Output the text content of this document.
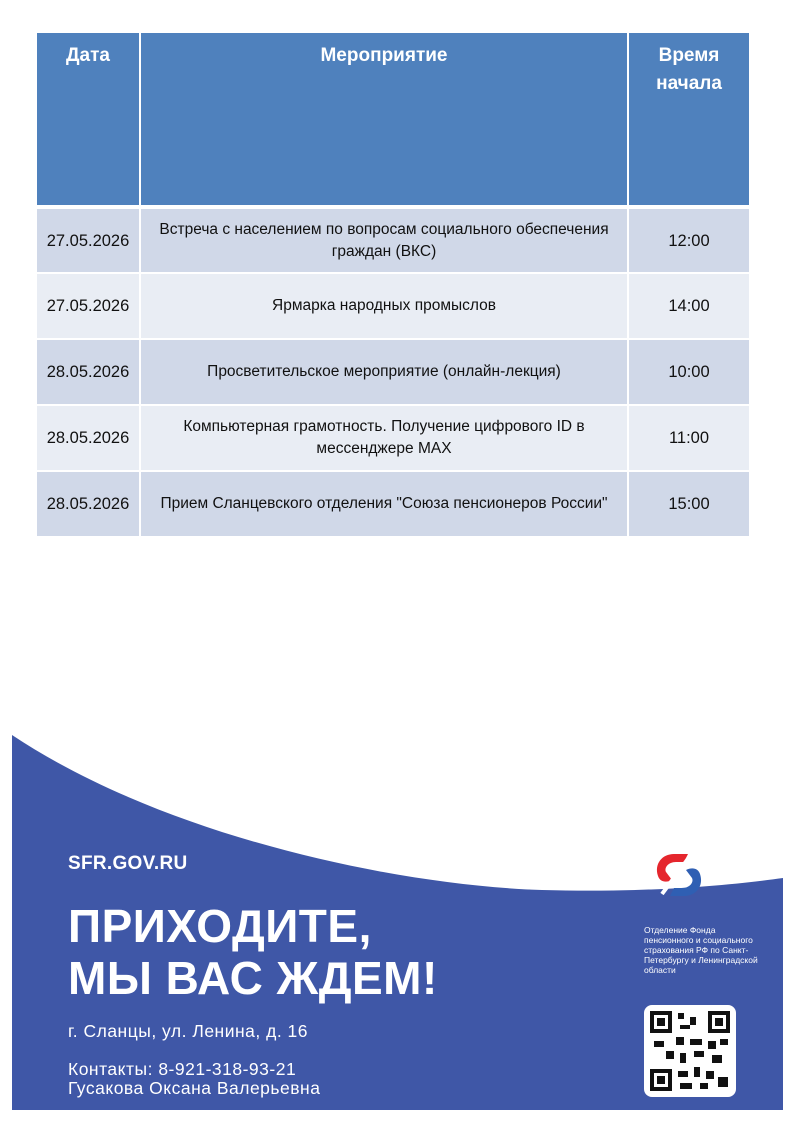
Дата	Мероприятие	Время начала
27.05.2026	Встреча с населением по вопросам социального обеспечения граждан (ВКС)	12:00
27.05.2026	Ярмарка народных промыслов	14:00
28.05.2026	Просветительское мероприятие (онлайн-лекция)	10:00
28.05.2026	Компьютерная грамотность. Получение цифрового ID в мессенджере МАХ	11:00
28.05.2026	Прием Сланцевского отделения "Союза пенсионеров России"	15:00
SFR.GOV.RU
ПРИХОДИТЕ,
МЫ ВАС ЖДЕМ!
г. Сланцы, ул. Ленина, д. 16
Контакты: 8-921-318-93-21
Гусакова Оксана Валерьевна
Отделение Фонда пенсионного и социального страхования РФ по Санкт-Петербургу и Ленинградской области
